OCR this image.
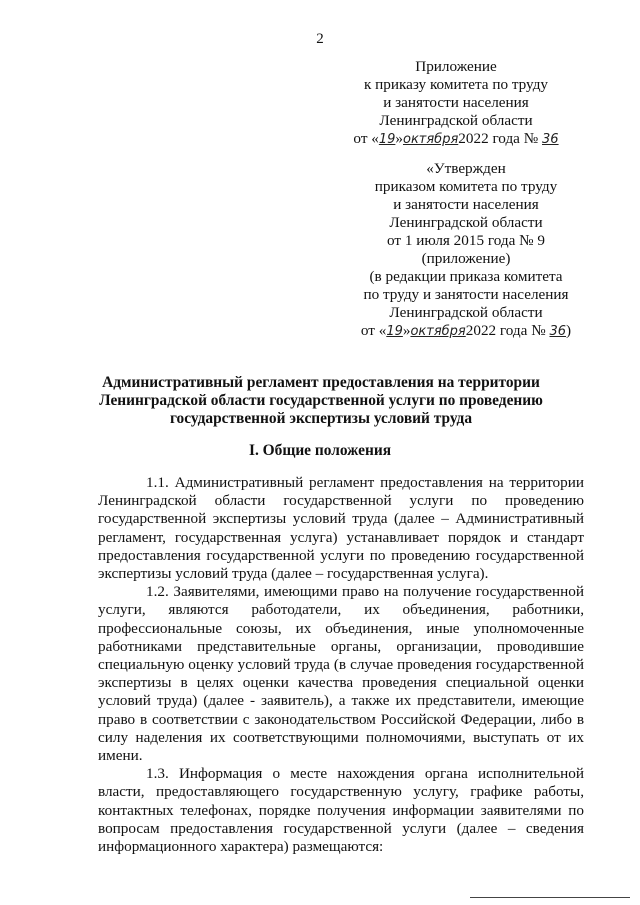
2
Приложение
к приказу комитета по труду
и занятости населения
Ленинградской области
от «19»октября2022 года № 36
«Утвержден
приказом комитета по труду
и занятости населения
Ленинградской области
от 1 июля 2015 года № 9
(приложение)
(в редакции приказа комитета
по труду и занятости населения
Ленинградской области
от «19»октября2022 года № 36)
Административный регламент предоставления на территории
Ленинградской области государственной услуги по проведению
государственной экспертизы условий труда
I. Общие положения

1.1. Административный регламент предоставления на территории Ленинградской области государственной услуги по проведению государственной экспертизы условий труда (далее – Административный регламент, государственная услуга) устанавливает порядок и стандарт предоставления государственной услуги по проведению государственной экспертизы условий труда (далее – государственная услуга).

1.2. Заявителями, имеющими право на получение государственной услуги, являются работодатели, их объединения, работники, профессиональные союзы, их объединения, иные уполномоченные работниками представительные органы, организации, проводившие специальную оценку условий труда (в случае проведения государственной экспертизы в целях оценки качества проведения специальной оценки условий труда) (далее - заявитель), а также их представители, имеющие право в соответствии с законодательством Российской Федерации, либо в силу наделения их соответствующими полномочиями, выступать от их имени.

1.3. Информация о месте нахождения органа исполнительной власти, предоставляющего государственную услугу, графике работы, контактных телефонах, порядке получения информации заявителями по вопросам предоставления государственной услуги (далее – сведения информационного характера) размещаются:
